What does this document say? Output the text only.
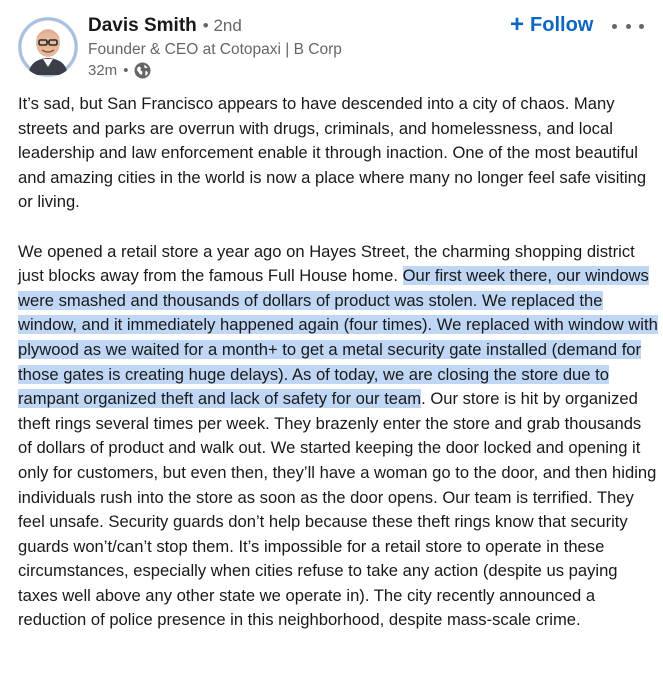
Davis Smith • 2nd
Founder & CEO at Cotopaxi | B Corp
32m •
+ Follow

It’s sad, but San Francisco appears to have descended into a city of chaos. Many streets and parks are overrun with drugs, criminals, and homelessness, and local leadership and law enforcement enable it through inaction. One of the most beautiful and amazing cities in the world is now a place where many no longer feel safe visiting or living.

We opened a retail store a year ago on Hayes Street, the charming shopping district just blocks away from the famous Full House home. Our first week there, our windows were smashed and thousands of dollars of product was stolen. We replaced the window, and it immediately happened again (four times). We replaced with window with plywood as we waited for a month+ to get a metal security gate installed (demand for those gates is creating huge delays). As of today, we are closing the store due to rampant organized theft and lack of safety for our team. Our store is hit by organized theft rings several times per week. They brazenly enter the store and grab thousands of dollars of product and walk out. We started keeping the door locked and opening it only for customers, but even then, they’ll have a woman go to the door, and then hiding individuals rush into the store as soon as the door opens. Our team is terrified. They feel unsafe. Security guards don’t help because these theft rings know that security guards won’t/can’t stop them. It’s impossible for a retail store to operate in these circumstances, especially when cities refuse to take any action (despite us paying taxes well above any other state we operate in). The city recently announced a reduction of police presence in this neighborhood, despite mass-scale crime.
